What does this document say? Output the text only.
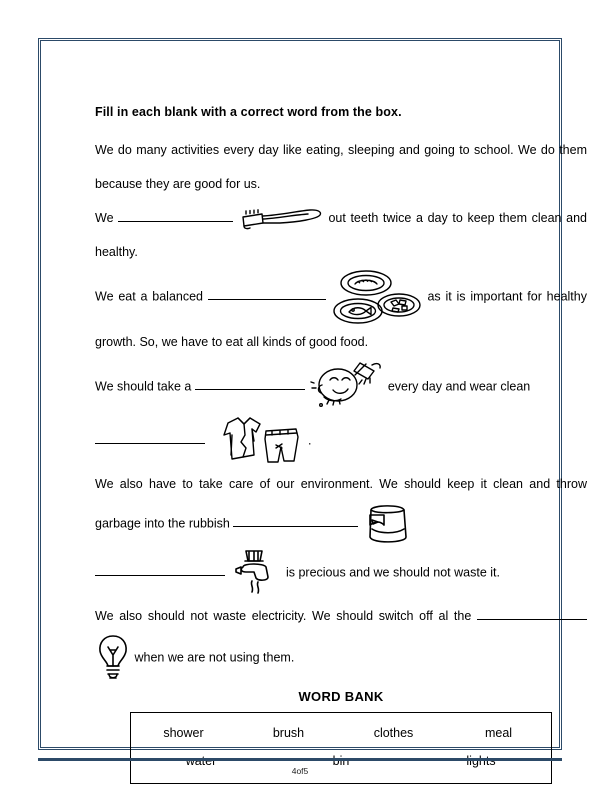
Fill in each blank with a correct word from the box.
We do many activities every day like eating, sleeping and going to school. We do them because they are good for us.
We	out teeth twice a day to keep them clean and healthy.
We eat a balanced	as it is important for healthy growth. So, we have to eat all kinds of good food.
We should take a	every day and wear clean
.
We also have to take care of our environment. We should keep it clean and throw garbage into the rubbish
is precious and we should not waste it.
We also should not waste electricity. We should switch off al the   when we are not using them.
WORD BANK
shower	brush	clothes	meal
water	bin	lights
4of5
